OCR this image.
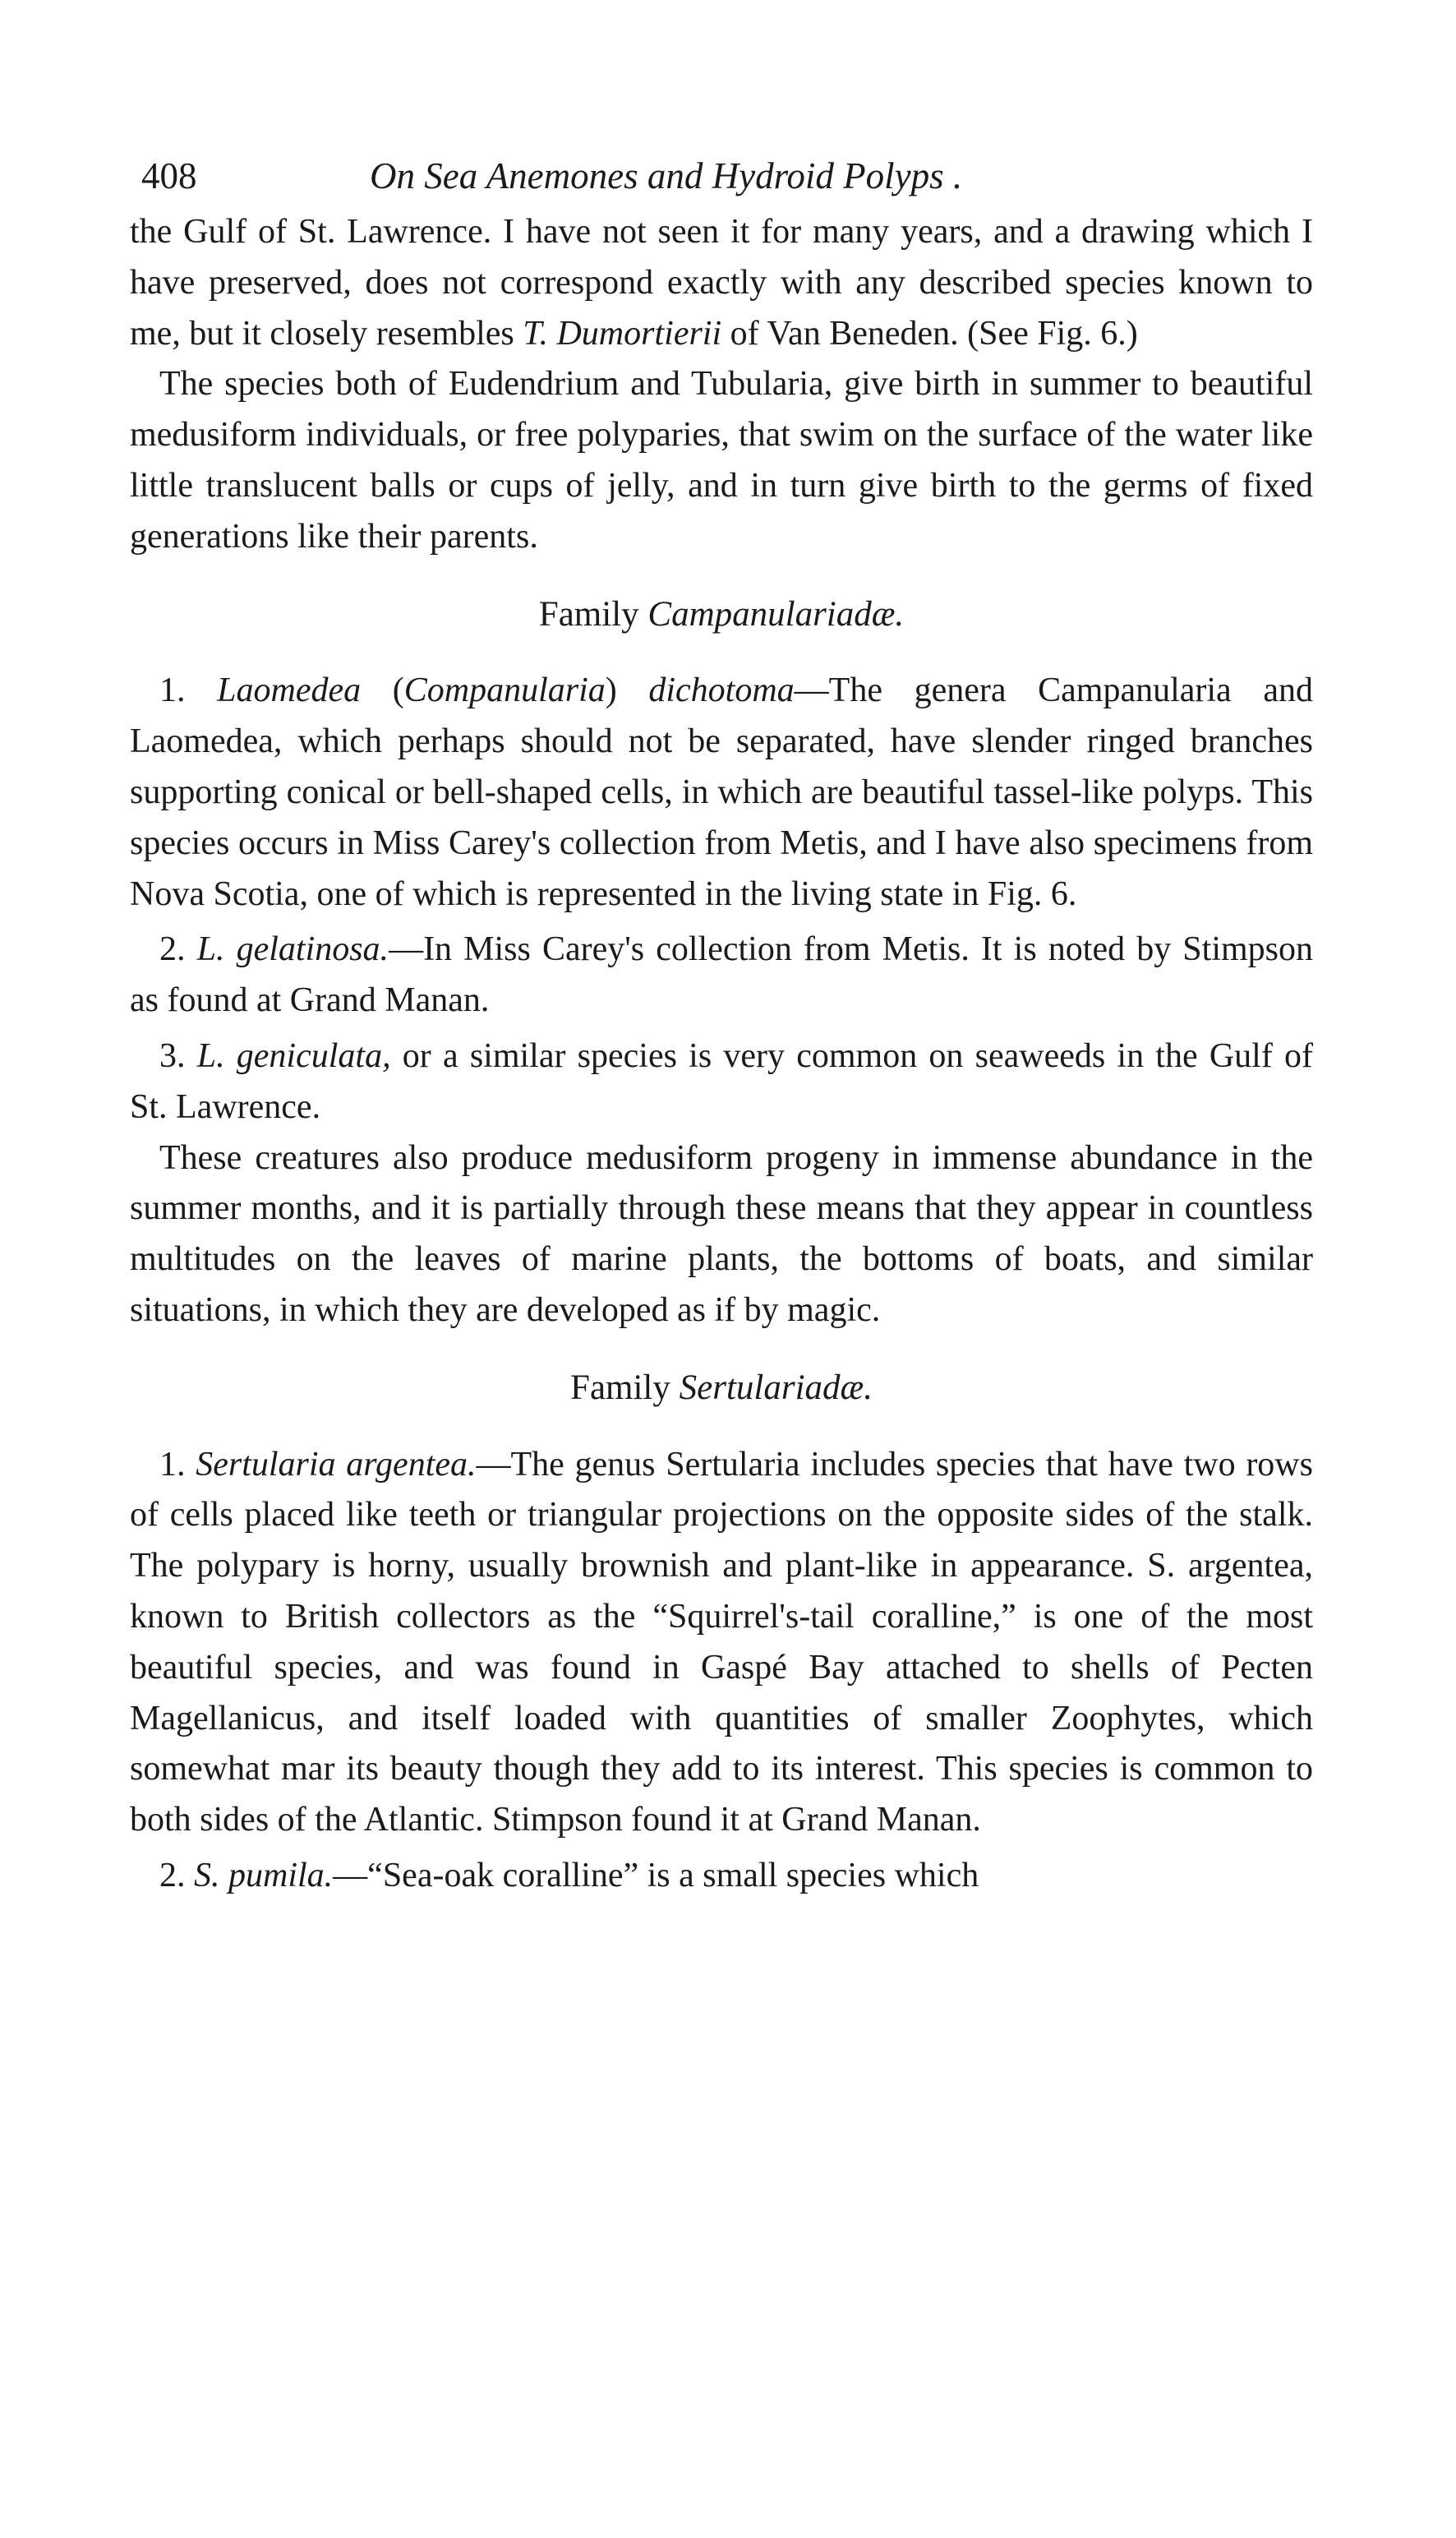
408	On Sea Anemones and Hydroid Polyps .

the Gulf of St. Lawrence. I have not seen it for many years, and a drawing which I have preserved, does not correspond exactly with any described species known to me, but it closely resembles T. Dumortierii of Van Beneden. (See Fig. 6.)

The species both of Eudendrium and Tubularia, give birth in summer to beautiful medusiform individuals, or free polyparies, that swim on the surface of the water like little translucent balls or cups of jelly, and in turn give birth to the germs of fixed generations like their parents.

Family Campanulariadæ.

1. Laomedea (Companularia) dichotoma—The genera Campanularia and Laomedea, which perhaps should not be separated, have slender ringed branches supporting conical or bell-shaped cells, in which are beautiful tassel-like polyps. This species occurs in Miss Carey's collection from Metis, and I have also specimens from Nova Scotia, one of which is represented in the living state in Fig. 6.

2. L. gelatinosa.—In Miss Carey's collection from Metis. It is noted by Stimpson as found at Grand Manan.

3. L. geniculata, or a similar species is very common on seaweeds in the Gulf of St. Lawrence.

These creatures also produce medusiform progeny in immense abundance in the summer months, and it is partially through these means that they appear in countless multitudes on the leaves of marine plants, the bottoms of boats, and similar situations, in which they are developed as if by magic.

Family Sertulariadæ.

1. Sertularia argentea.—The genus Sertularia includes species that have two rows of cells placed like teeth or triangular projections on the opposite sides of the stalk. The polypary is horny, usually brownish and plant-like in appearance. S. argentea, known to British collectors as the “Squirrel's-tail coralline,” is one of the most beautiful species, and was found in Gaspé Bay attached to shells of Pecten Magellanicus, and itself loaded with quantities of smaller Zoophytes, which somewhat mar its beauty though they add to its interest. This species is common to both sides of the Atlantic. Stimpson found it at Grand Manan.

2. S. pumila.—“Sea-oak coralline” is a small species which
